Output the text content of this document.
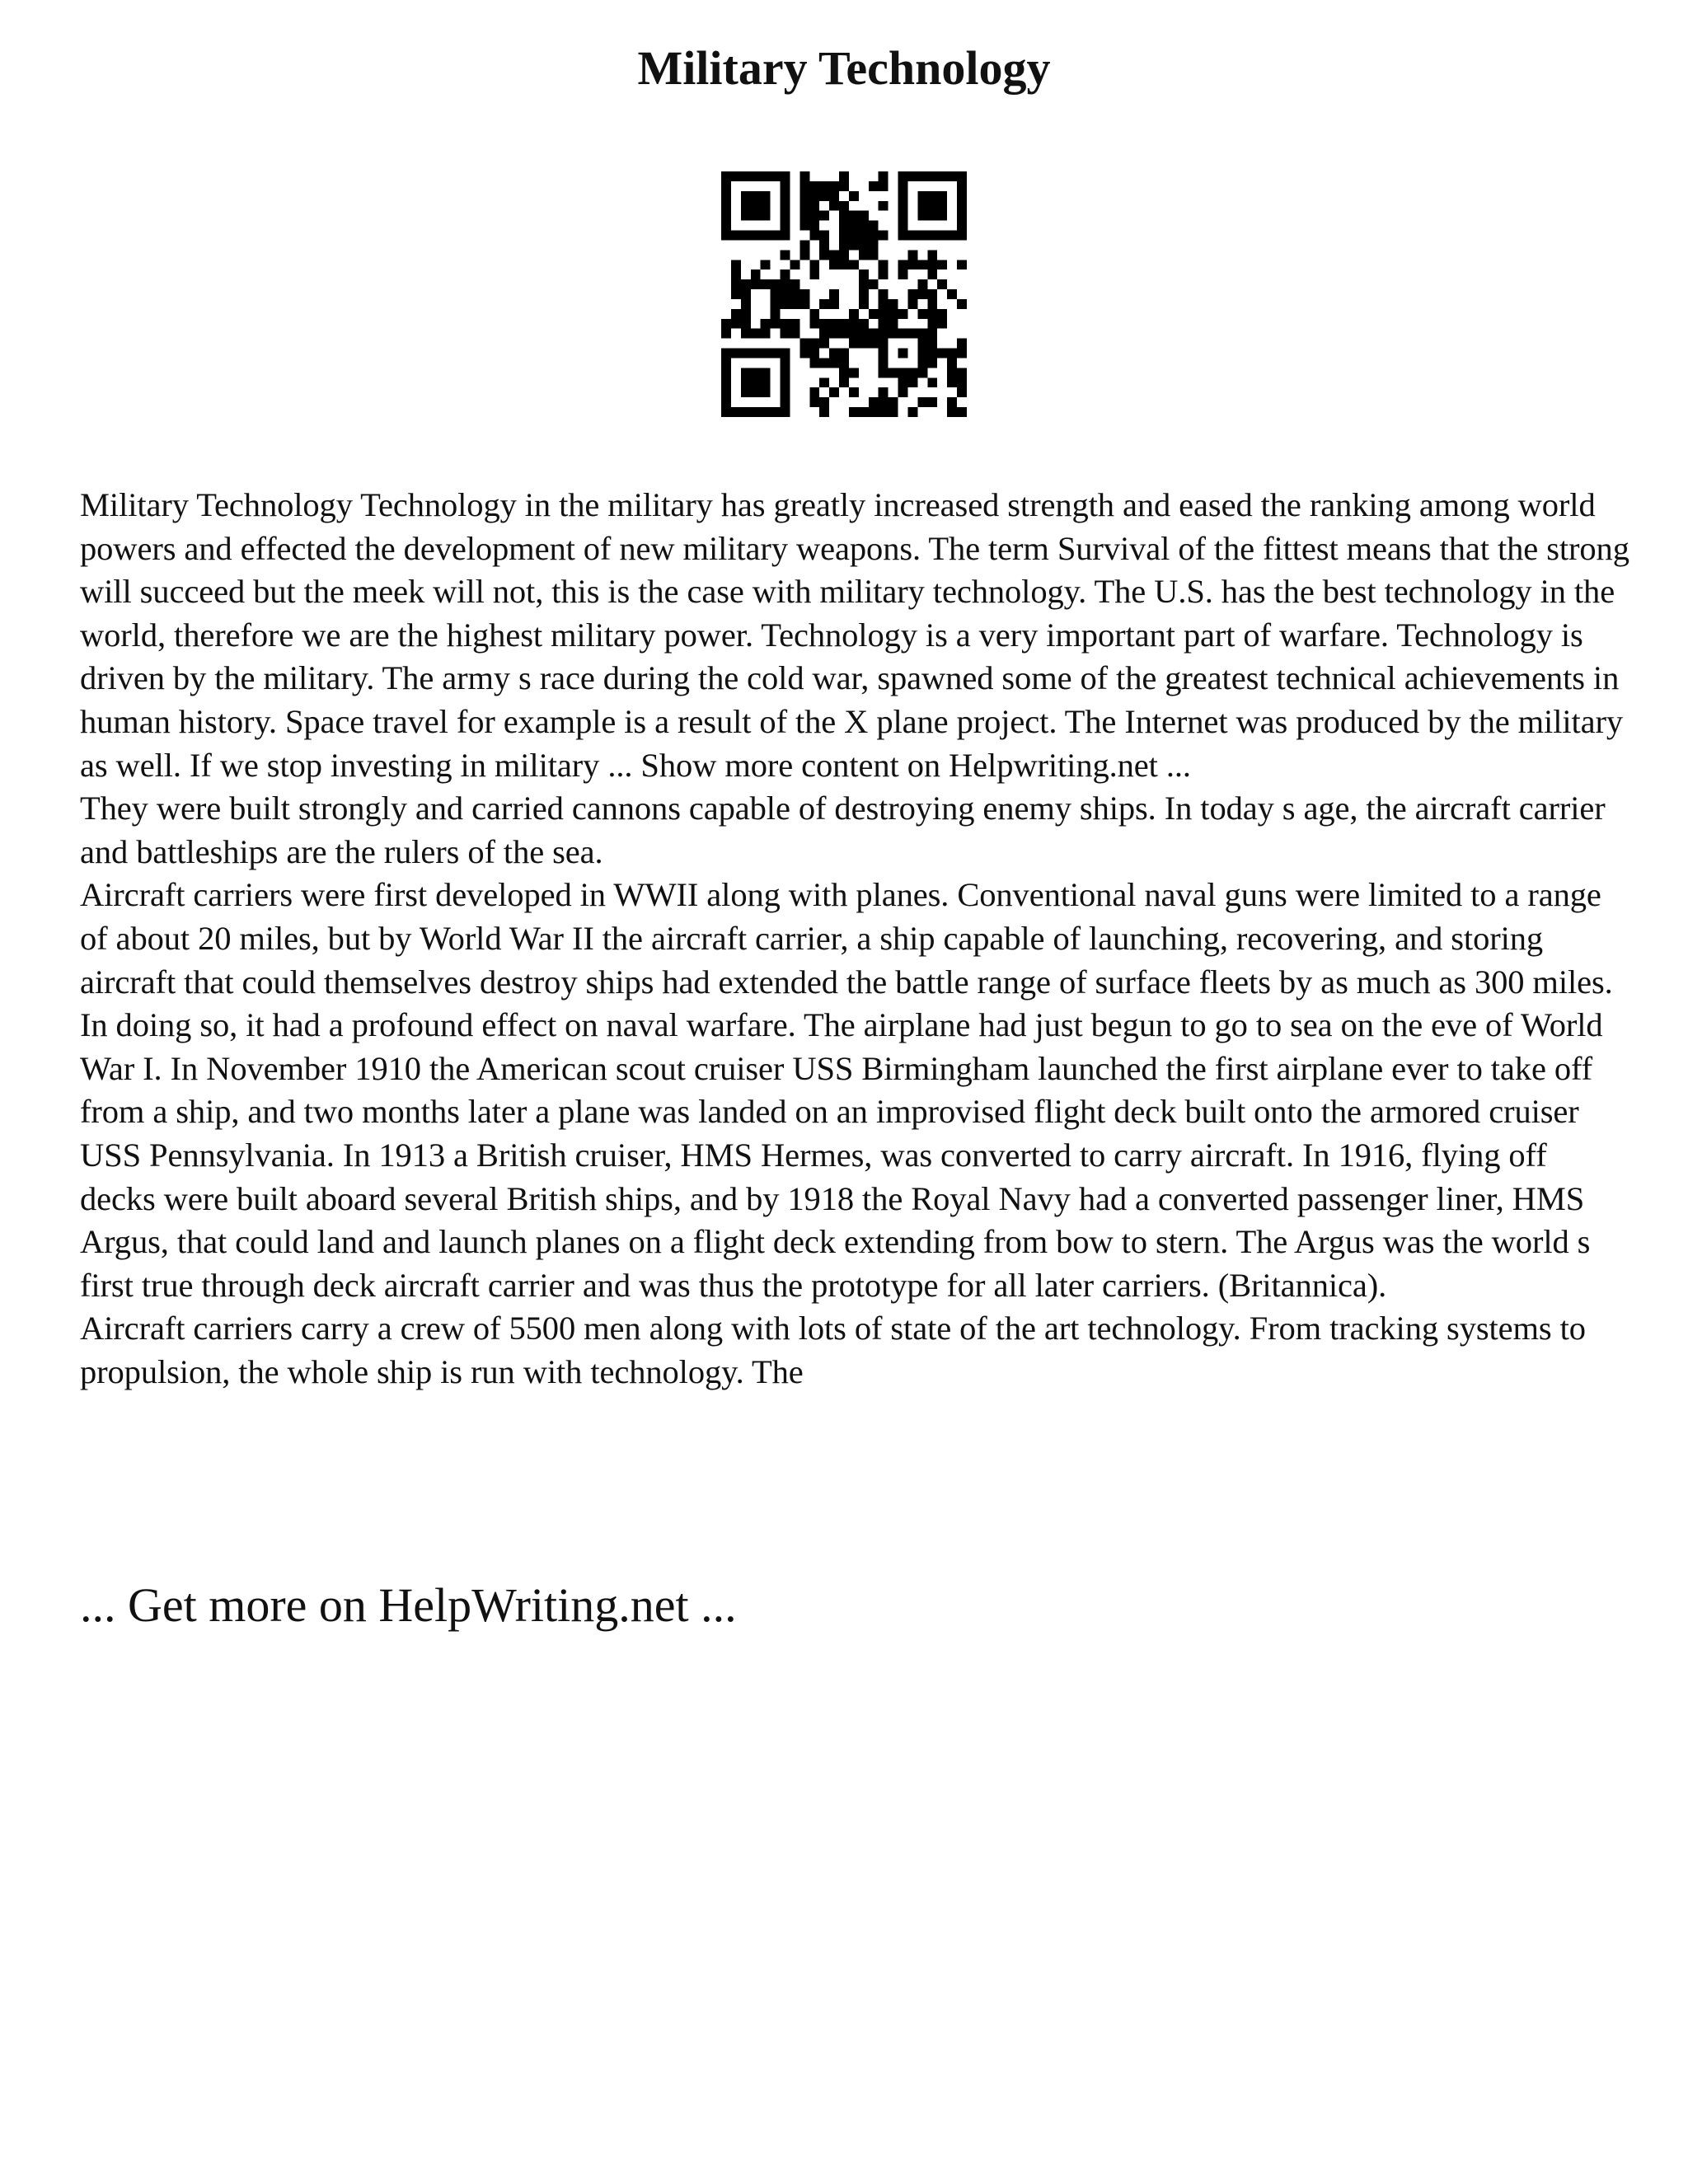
Military Technology

Military Technology Technology in the military has greatly increased strength and eased the ranking among world powers and effected the development of new military weapons. The term Survival of the fittest means that the strong will succeed but the meek will not, this is the case with military technology. The U.S. has the best technology in the world, therefore we are the highest military power. Technology is a very important part of warfare. Technology is driven by the military. The army s race during the cold war, spawned some of the greatest technical achievements in human history. Space travel for example is a result of the X plane project. The Internet was produced by the military as well. If we stop investing in military ... Show more content on Helpwriting.net ...

They were built strongly and carried cannons capable of destroying enemy ships. In today s age, the aircraft carrier and battleships are the rulers of the sea.

Aircraft carriers were first developed in WWII along with planes. Conventional naval guns were limited to a range of about 20 miles, but by World War II the aircraft carrier, a ship capable of launching, recovering, and storing aircraft that could themselves destroy ships had extended the battle range of surface fleets by as much as 300 miles. In doing so, it had a profound effect on naval warfare. The airplane had just begun to go to sea on the eve of World War I. In November 1910 the American scout cruiser USS Birmingham launched the first airplane ever to take off from a ship, and two months later a plane was landed on an improvised flight deck built onto the armored cruiser USS Pennsylvania. In 1913 a British cruiser, HMS Hermes, was converted to carry aircraft. In 1916, flying off decks were built aboard several British ships, and by 1918 the Royal Navy had a converted passenger liner, HMS Argus, that could land and launch planes on a flight deck extending from bow to stern. The Argus was the world s first true through deck aircraft carrier and was thus the prototype for all later carriers. (Britannica).

Aircraft carriers carry a crew of 5500 men along with lots of state of the art technology. From tracking systems to propulsion, the whole ship is run with technology. The

... Get more on HelpWriting.net ...
